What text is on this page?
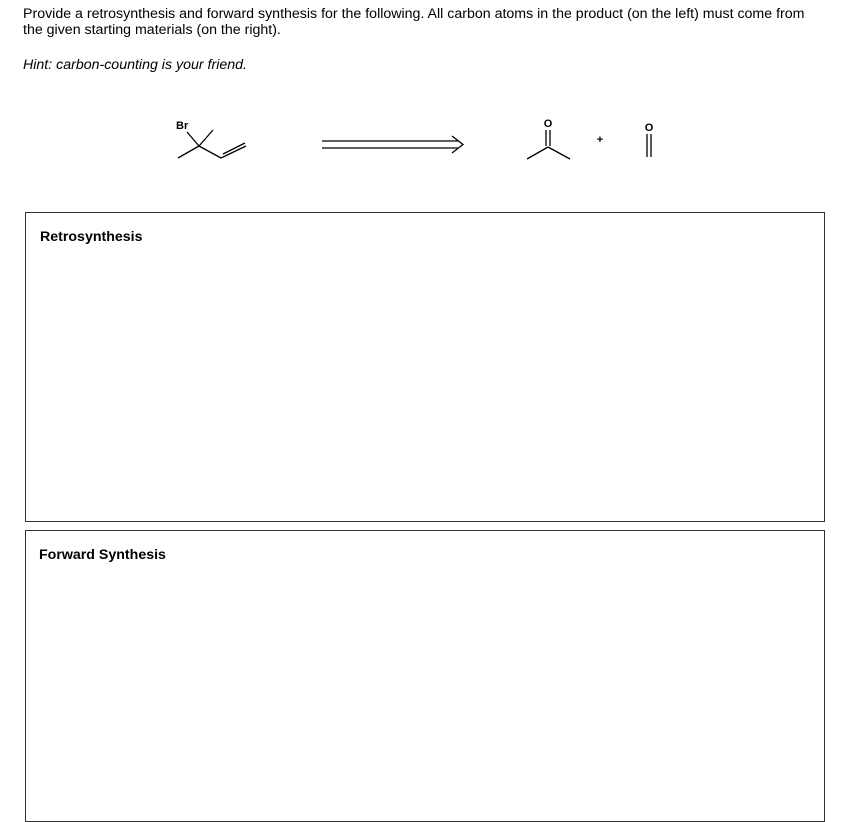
Provide a retrosynthesis and forward synthesis for the following. All carbon atoms in the product (on the left) must come from the given starting materials (on the right).
Hint: carbon-counting is your friend.
Br	O
+
O
Retrosynthesis
Forward Synthesis
